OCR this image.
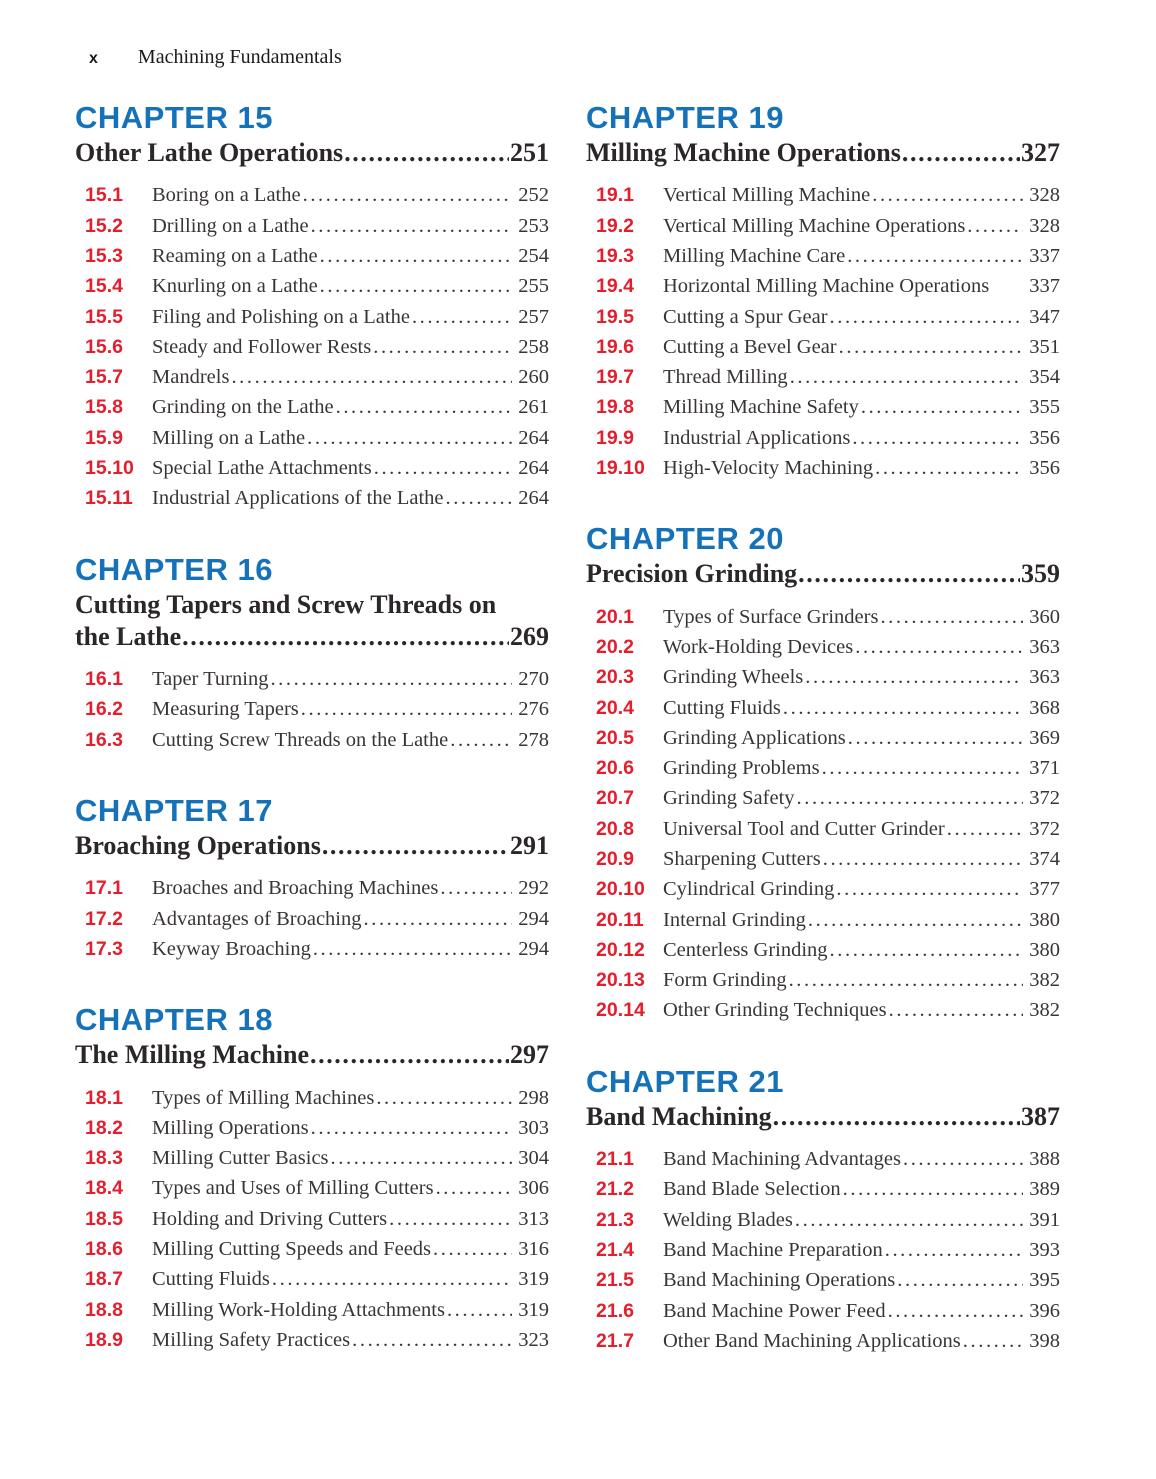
x Machining Fundamentals
CHAPTER 15
Other Lathe Operations .....	251
15.1	Boring on a Lathe .....	252
15.2	Drilling on a Lathe .....	253
15.3	Reaming on a Lathe .....	254
15.4	Knurling on a Lathe .....	255
15.5	Filing and Polishing on a Lathe .....	257
15.6	Steady and Follower Rests .....	258
15.7	Mandrels .....	260
15.8	Grinding on the Lathe .....	261
15.9	Milling on a Lathe .....	264
15.10 Special Lathe Attachments .....	264
15.11 Industrial Applications of the Lathe .....	264
CHAPTER 16
Cutting Tapers and Screw Threads on
the Lathe .....	269
16.1	Taper Turning .....	270
16.2	Measuring Tapers .....	276
16.3	Cutting Screw Threads on the Lathe .....	278
CHAPTER 17
Broaching Operations .....	291
17.1	Broaches and Broaching Machines .....	292
17.2	Advantages of Broaching .....	294
17.3	Keyway Broaching .....	294
CHAPTER 18
The Milling Machine .....	297
18.1	Types of Milling Machines .....	298
18.2	Milling Operations .....	303
18.3	Milling Cutter Basics .....	304
18.4	Types and Uses of Milling Cutters .....	306
18.5	Holding and Driving Cutters .....	313
18.6	Milling Cutting Speeds and Feeds .....	316
18.7	Cutting Fluids .....	319
18.8	Milling Work-Holding Attachments .....	319
18.9	Milling Safety Practices .....	323
CHAPTER 19
Milling Machine Operations .....	327
19.1	Vertical Milling Machine .....	328
19.2	Vertical Milling Machine Operations .....	328
19.3	Milling Machine Care .....	337
19.4	Horizontal Milling Machine Operations 337
19.5	Cutting a Spur Gear .....	347
19.6	Cutting a Bevel Gear .....	351
19.7	Thread Milling .....	354
19.8	Milling Machine Safety .....	355
19.9	Industrial Applications .....	356
19.10 High-Velocity Machining .....	356
CHAPTER 20
Precision Grinding .....	359
20.1	Types of Surface Grinders .....	360
20.2	Work-Holding Devices .....	363
20.3	Grinding Wheels .....	363
20.4	Cutting Fluids .....	368
20.5	Grinding Applications .....	369
20.6	Grinding Problems .....	371
20.7	Grinding Safety .....	372
20.8	Universal Tool and Cutter Grinder .....	372
20.9	Sharpening Cutters .....	374
20.10 Cylindrical Grinding .....	377
20.11 Internal Grinding .....	380
20.12 Centerless Grinding .....	380
20.13 Form Grinding .....	382
20.14 Other Grinding Techniques .....	382
CHAPTER 21
Band Machining .....	387
21.1	Band Machining Advantages .....	388
21.2	Band Blade Selection .....	389
21.3	Welding Blades .....	391
21.4	Band Machine Preparation .....	393
21.5	Band Machining Operations .....	395
21.6	Band Machine Power Feed .....	396
21.7	Other Band Machining Applications .....	398
